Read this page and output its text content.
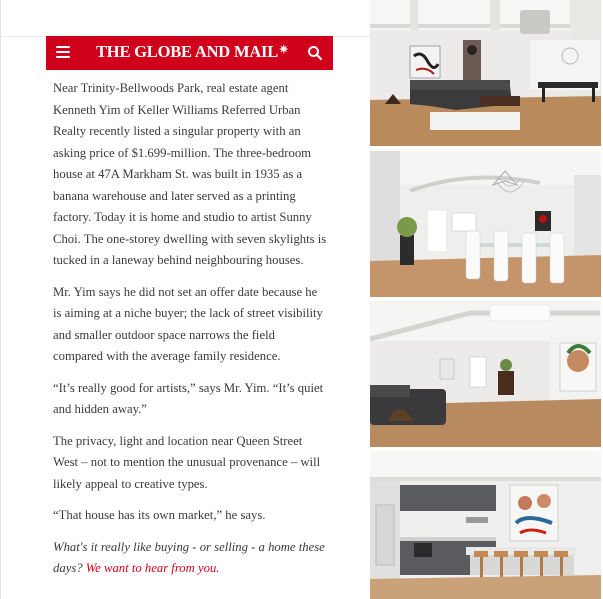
THE GLOBE AND MAIL✷

Near Trinity-Bellwoods Park, real estate agent Kenneth Yim of Keller Williams Referred Urban Realty recently listed a singular property with an asking price of $1.699-million. The three-bedroom house at 47A Markham St. was built in 1935 as a banana warehouse and later served as a printing factory. Today it is home and studio to artist Sunny Choi. The one-storey dwelling with seven skylights is tucked in a laneway behind neighbouring houses.

Mr. Yim says he did not set an offer date because he is aiming at a niche buyer; the lack of street visibility and smaller outdoor space narrows the field compared with the average family residence.

“It’s really good for artists,” says Mr. Yim. “It’s quiet and hidden away.”

The privacy, light and location near Queen Street West – not to mention the unusual provenance – will likely appeal to creative types.

“That house has its own market,” he says.

What's it really like buying - or selling - a home these days? We want to hear from you.
